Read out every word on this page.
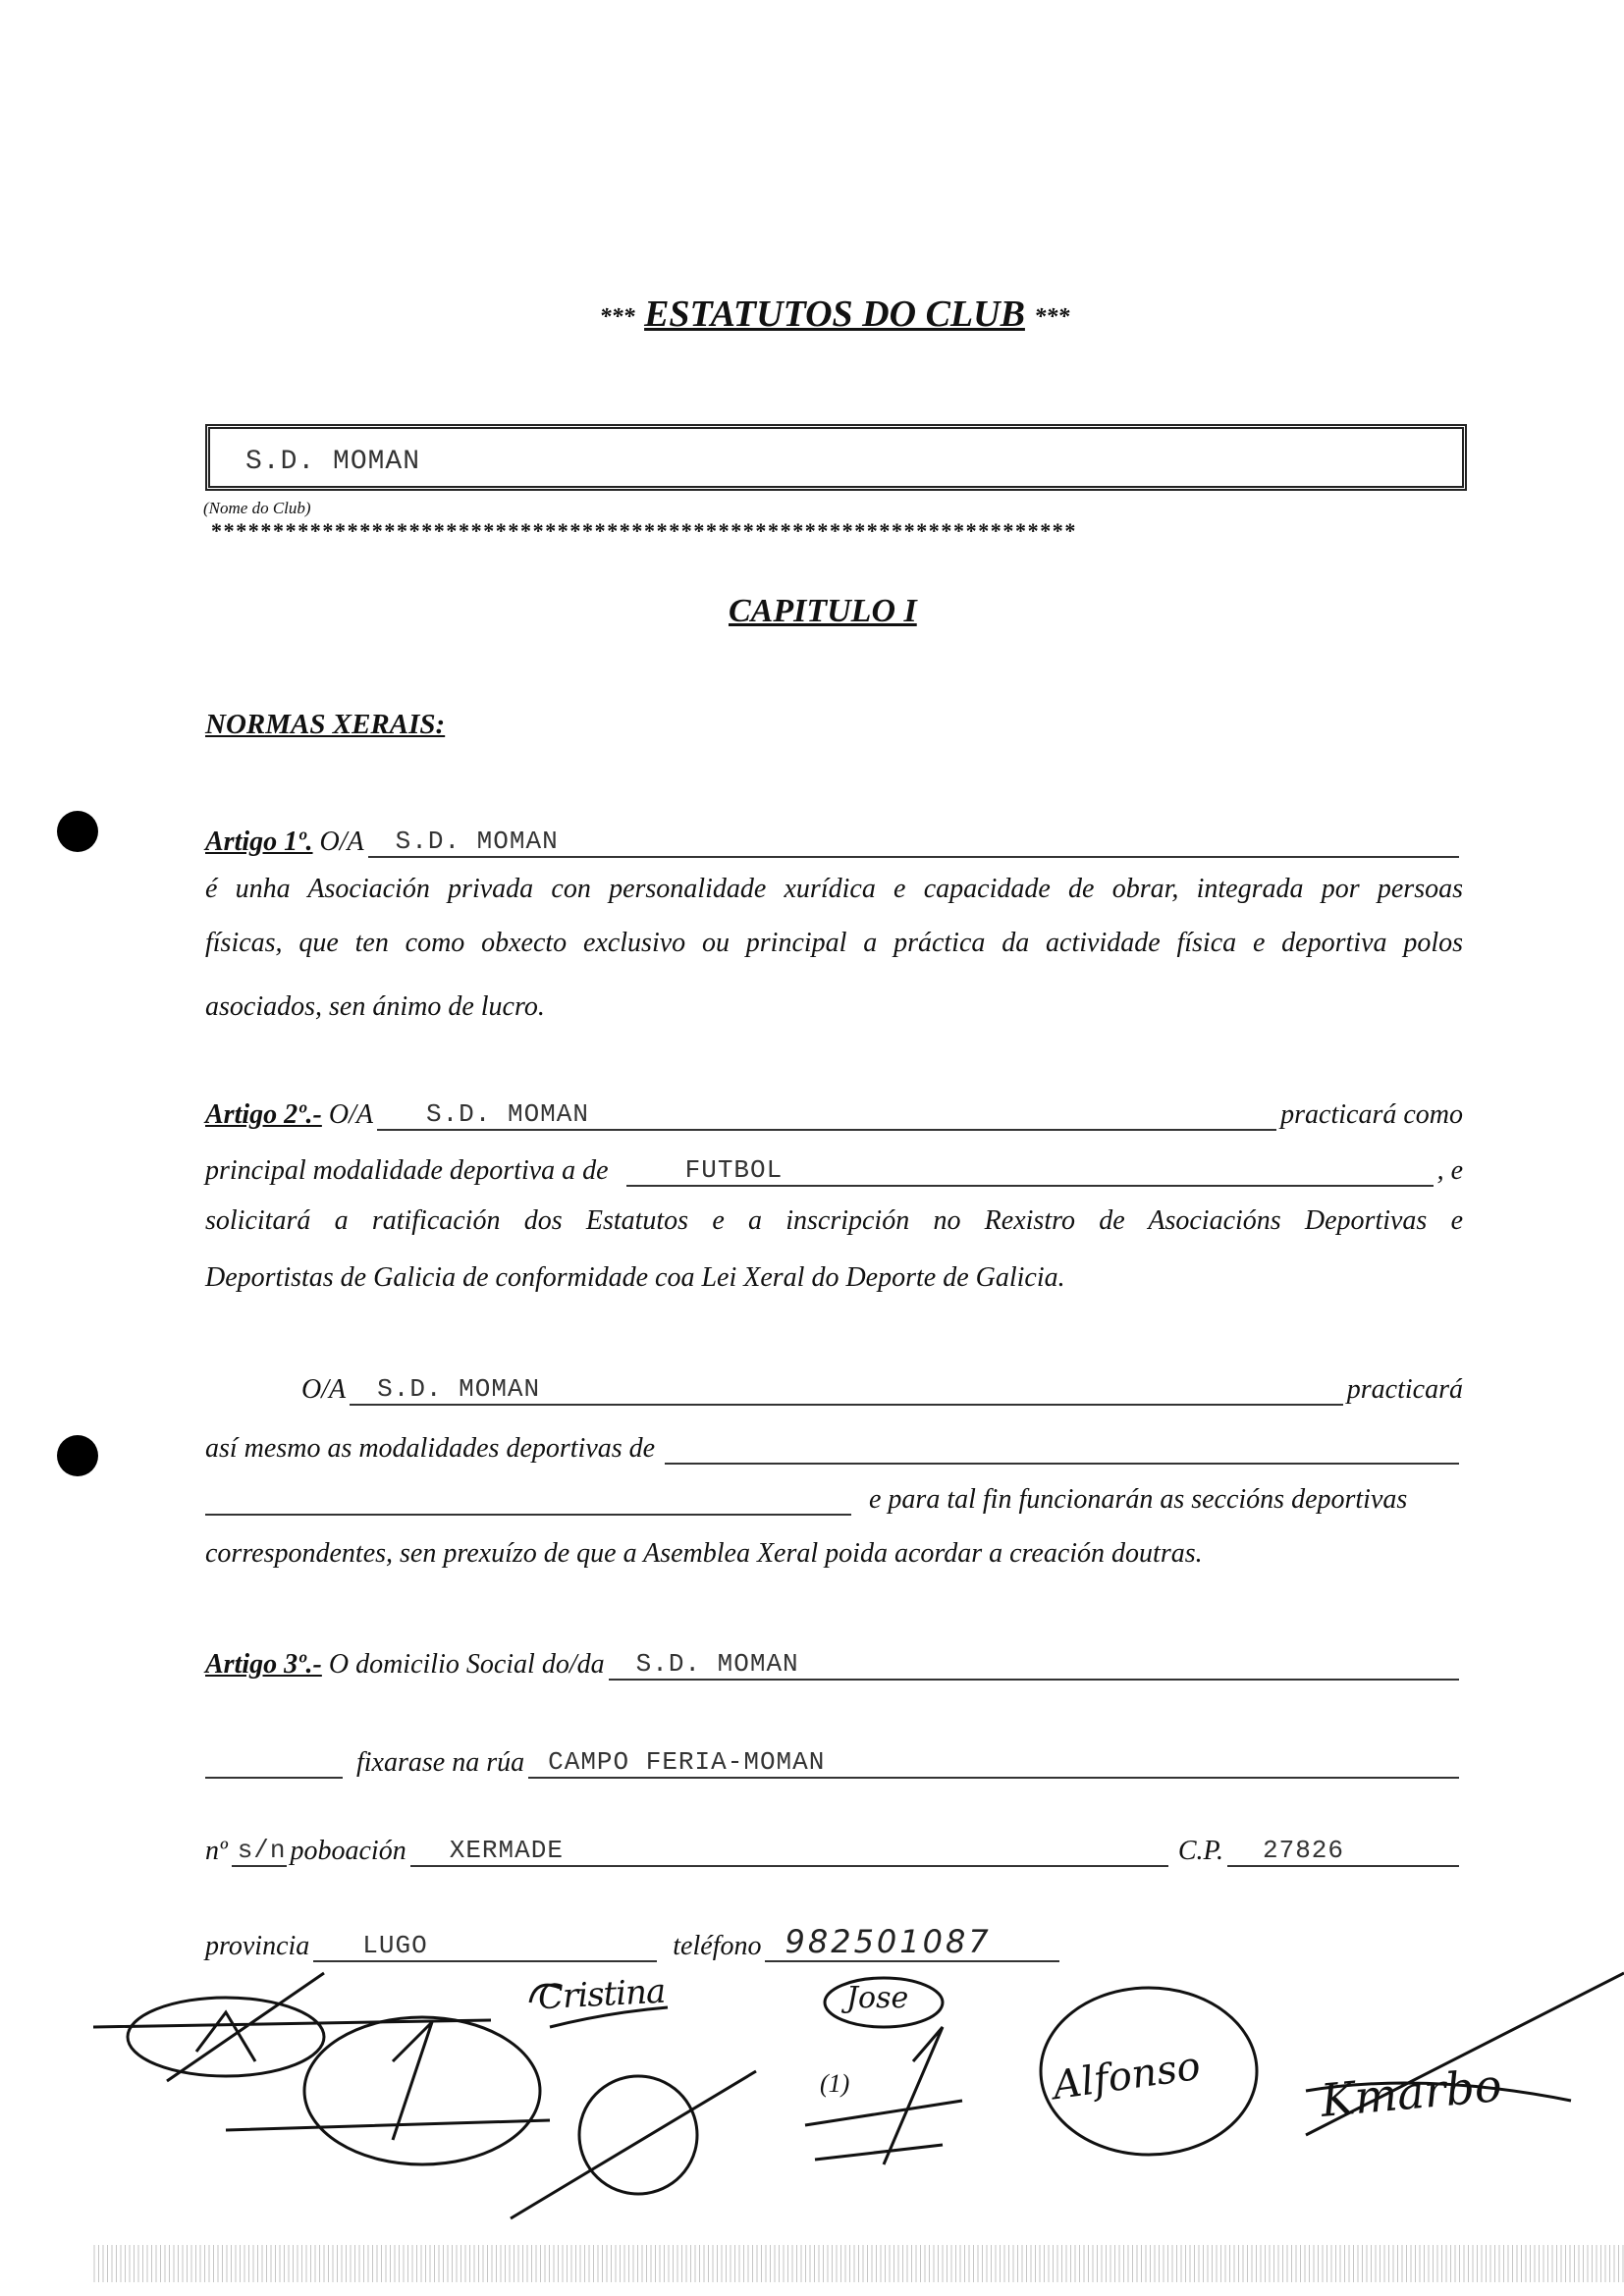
*** ESTATUTOS DO CLUB ***
S.D. MOMAN
(Nome do Club)
**********************************************************************
CAPITULO I
NORMAS XERAIS:
Artigo 1º.
O/A S.D. MOMAN
é unha Asociación privada con personalidade xurídica e capacidade de obrar, integrada por persoas
físicas, que ten como obxecto exclusivo ou principal a práctica da actividade física e deportiva polos
asociados, sen ánimo de lucro.
Artigo 2º.-
O/A S.D. MOMAN	practicará como
principal modalidade deportiva a de	FUTBOL	, e
solicitará a ratificación dos Estatutos e a inscripción no Rexistro de Asociacións Deportivas e
Deportistas de Galicia de conformidade coa Lei Xeral do Deporte de Galicia.
O/A S.D. MOMAN	practicará
así mesmo as modalidades deportivas de
e para tal fin funcionarán as seccións deportivas
correspondentes, sen prexuízo de que a Asemblea Xeral poida acordar a creación doutras.
Artigo 3º.-
O domicilio Social do/da S.D. MOMAN
fixarase na rúa CAMPO FERIA-MOMAN
nº s/n poboación XERMADE	C.P. 27826
provincia LUGO	teléfono 982501087
(1)
Cristina	Jose
Alfonso	Kmarbo
